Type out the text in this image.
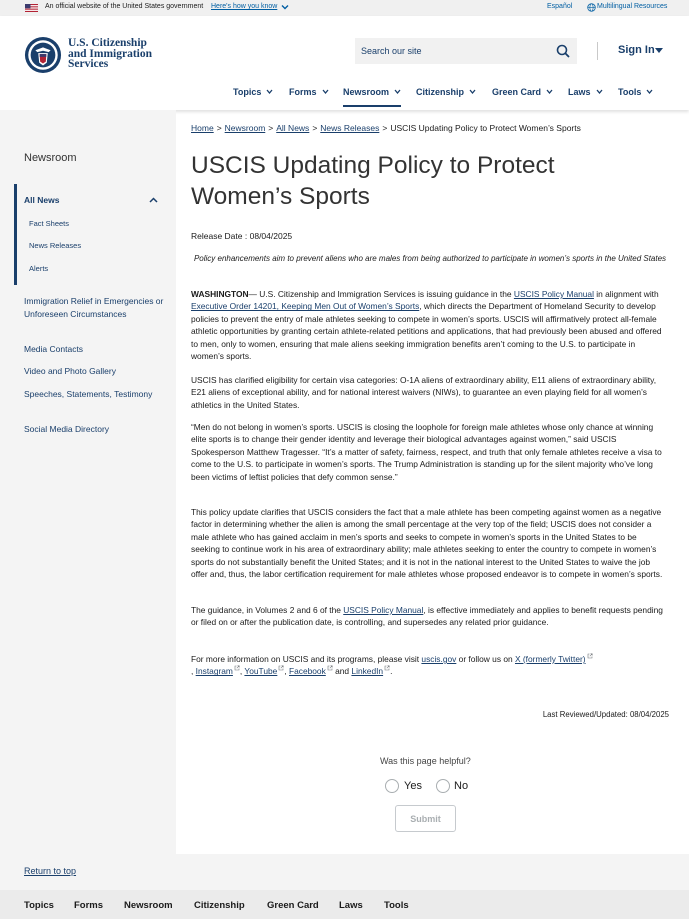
An official website of the United States government Here's how you know	Español	Multilingual Resources
U.S. Citizenship
and Immigration
Services
Search our site
Sign In
Topics	Forms	Newsroom	Citizenship	Green Card	Laws	Tools
Newsroom
All News
Fact Sheets
News Releases
Alerts
Immigration Relief in Emergencies or Unforeseen Circumstances
Media Contacts
Video and Photo Gallery
Speeches, Statements, Testimony
Social Media Directory
Home > Newsroom > All News > News Releases > USCIS Updating Policy to Protect Women’s Sports
USCIS Updating Policy to Protect Women’s Sports
Release Date : 08/04/2025
Policy enhancements aim to prevent aliens who are males from being authorized to participate in women’s sports in the United States

WASHINGTON— U.S. Citizenship and Immigration Services is issuing guidance in the USCIS Policy Manual in alignment with Executive Order 14201, Keeping Men Out of Women’s Sports, which directs the Department of Homeland Security to develop policies to prevent the entry of male athletes seeking to compete in women’s sports. USCIS will affirmatively protect all-female athletic opportunities by granting certain athlete-related petitions and applications, that had previously been abused and offered to men, only to women, ensuring that male aliens seeking immigration benefits aren’t coming to the U.S. to participate in women’s sports.

USCIS has clarified eligibility for certain visa categories: O-1A aliens of extraordinary ability, E11 aliens of extraordinary ability, E21 aliens of exceptional ability, and for national interest waivers (NIWs), to guarantee an even playing field for all women’s athletics in the United States.

“Men do not belong in women’s sports. USCIS is closing the loophole for foreign male athletes whose only chance at winning elite sports is to change their gender identity and leverage their biological advantages against women,” said USCIS Spokesperson Matthew Tragesser. “It’s a matter of safety, fairness, respect, and truth that only female athletes receive a visa to come to the U.S. to participate in women’s sports. The Trump Administration is standing up for the silent majority who’ve long been victims of leftist policies that defy common sense.”

This policy update clarifies that USCIS considers the fact that a male athlete has been competing against women as a negative factor in determining whether the alien is among the small percentage at the very top of the field; USCIS does not consider a male athlete who has gained acclaim in men’s sports and seeks to compete in women’s sports in the United States to be seeking to continue work in his area of extraordinary ability; male athletes seeking to enter the country to compete in women’s sports do not substantially benefit the United States; and it is not in the national interest to the United States to waive the job offer and, thus, the labor certification requirement for male athletes whose proposed endeavor is to compete in women’s sports.

The guidance, in Volumes 2 and 6 of the USCIS Policy Manual, is effective immediately and applies to benefit requests pending or filed on or after the publication date, is controlling, and supersedes any related prior guidance.

For more information on USCIS and its programs, please visit uscis.gov or follow us on X (formerly Twitter)
, Instagram , YouTube , Facebook and LinkedIn .

Last Reviewed/Updated: 08/04/2025
Was this page helpful?
Yes	No
Submit
Return to top
Topics Forms Newsroom Citizenship Green Card Laws Tools
